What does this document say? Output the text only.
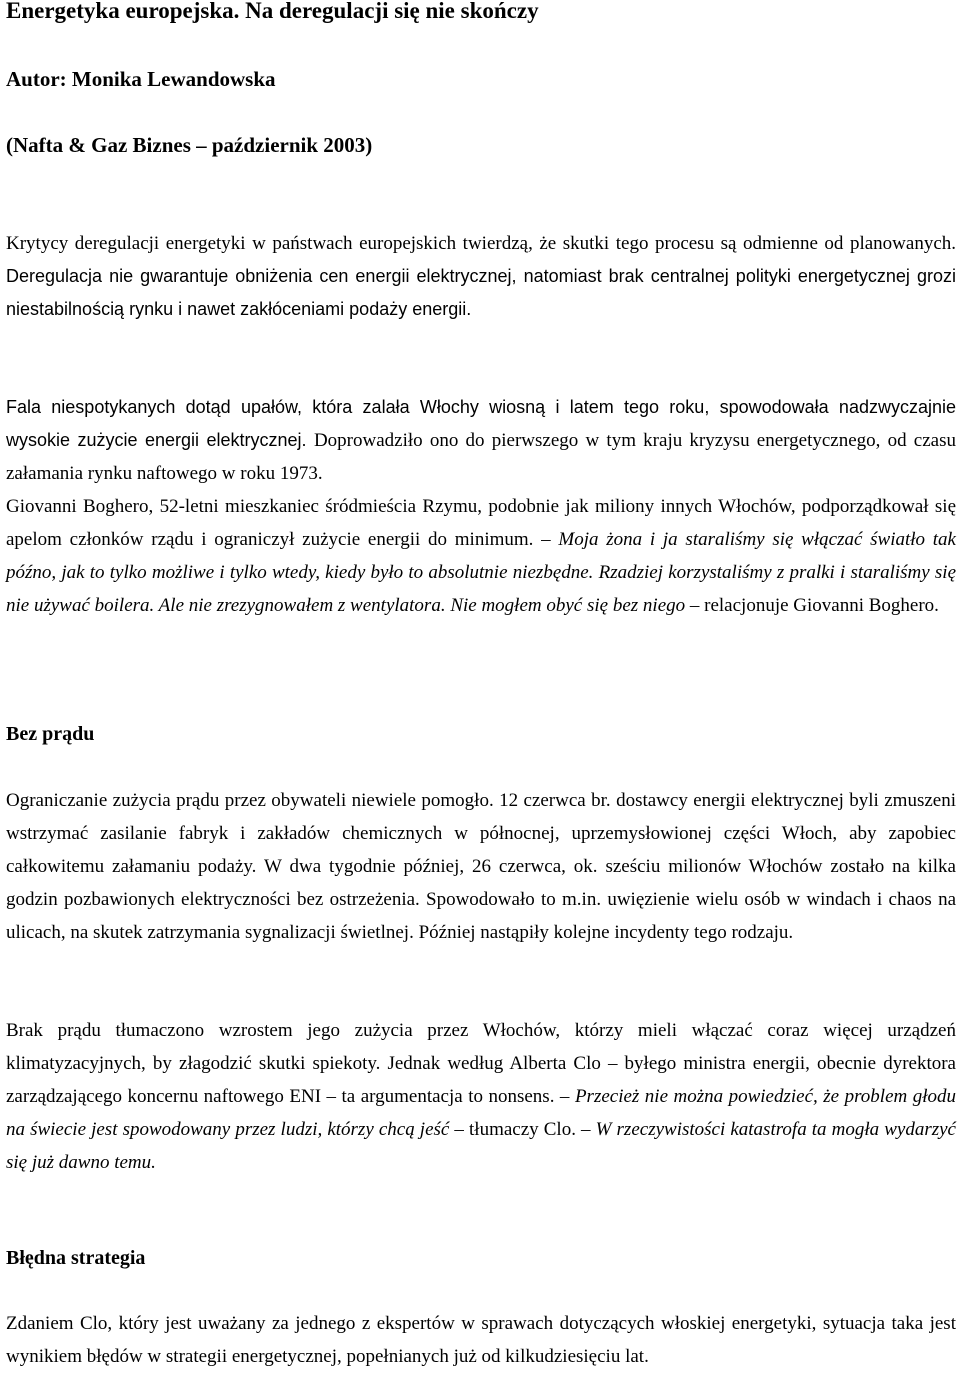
Energetyka europejska. Na deregulacji się nie skończy

Autor: Monika Lewandowska

(Nafta & Gaz Biznes – październik 2003)

Krytycy deregulacji energetyki w państwach europejskich twierdzą, że skutki tego procesu są odmienne od planowanych. Deregulacja nie gwarantuje obniżenia cen energii elektrycznej, natomiast brak centralnej polityki energetycznej grozi niestabilnością rynku i nawet zakłóceniami podaży energii.

Fala niespotykanych dotąd upałów, która zalała Włochy wiosną i latem tego roku, spowodowała nadzwyczajnie wysokie zużycie energii elektrycznej. Doprowadziło ono do pierwszego w tym kraju kryzysu energetycznego, od czasu załamania rynku naftowego w roku 1973.

Giovanni Boghero, 52-letni mieszkaniec śródmieścia Rzymu, podobnie jak miliony innych Włochów, podporządkował się apelom członków rządu i ograniczył zużycie energii do minimum. – Moja żona i ja staraliśmy się włączać światło tak późno, jak to tylko możliwe i tylko wtedy, kiedy było to absolutnie niezbędne. Rzadziej korzystaliśmy z pralki i staraliśmy się nie używać boilera. Ale nie zrezygnowałem z wentylatora. Nie mogłem obyć się bez niego – relacjonuje Giovanni Boghero.

Bez prądu

Ograniczanie zużycia prądu przez obywateli niewiele pomogło. 12 czerwca br. dostawcy energii elektrycznej byli zmuszeni wstrzymać zasilanie fabryk i zakładów chemicznych w północnej, uprzemysłowionej części Włoch, aby zapobiec całkowitemu załamaniu podaży. W dwa tygodnie później, 26 czerwca, ok. sześciu milionów Włochów zostało na kilka godzin pozbawionych elektryczności bez ostrzeżenia. Spowodowało to m.in. uwięzienie wielu osób w windach i chaos na ulicach, na skutek zatrzymania sygnalizacji świetlnej. Później nastąpiły kolejne incydenty tego rodzaju.

Brak prądu tłumaczono wzrostem jego zużycia przez Włochów, którzy mieli włączać coraz więcej urządzeń klimatyzacyjnych, by złagodzić skutki spiekoty. Jednak według Alberta Clo – byłego ministra energii, obecnie dyrektora zarządzającego koncernu naftowego ENI – ta argumentacja to nonsens. – Przecież nie można powiedzieć, że problem głodu na świecie jest spowodowany przez ludzi, którzy chcą jeść – tłumaczy Clo. – W rzeczywistości katastrofa ta mogła wydarzyć się już dawno temu.

Błędna strategia

Zdaniem Clo, który jest uważany za jednego z ekspertów w sprawach dotyczących włoskiej energetyki, sytuacja taka jest wynikiem błędów w strategii energetycznej, popełnianych już od kilkudziesięciu lat.
